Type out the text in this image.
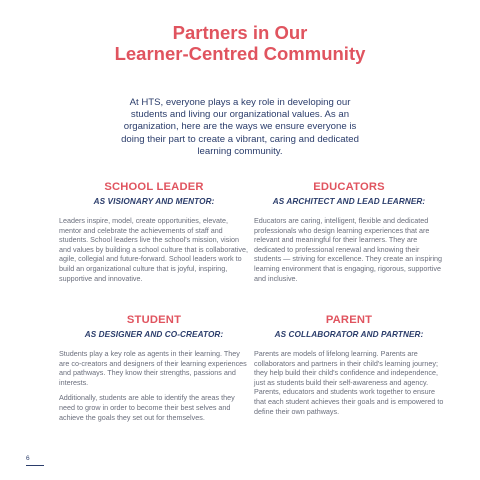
Partners in Our
Learner-Centred Community

At HTS, everyone plays a key role in developing our students and living our organizational values. As an organization, here are the ways we ensure everyone is doing their part to create a vibrant, caring and dedicated learning community.

SCHOOL LEADER
AS VISIONARY AND MENTOR:

Leaders inspire, model, create opportunities, elevate, mentor and celebrate the achievements of staff and students. School leaders live the school's mission, vision and values by building a school culture that is collaborative, agile, collegial and future-forward. School leaders work to build an organizational culture that is joyful, inspiring, supportive and innovative.

EDUCATORS
AS ARCHITECT AND LEAD LEARNER:

Educators are caring, intelligent, flexible and dedicated professionals who design learning experiences that are relevant and meaningful for their learners. They are dedicated to professional renewal and knowing their students — striving for excellence. They create an inspiring learning environment that is engaging, rigorous, supportive and inclusive.

STUDENT
AS DESIGNER AND CO-CREATOR:

Students play a key role as agents in their learning. They are co-creators and designers of their learning experiences and pathways. They know their strengths, passions and interests.

Additionally, students are able to identify the areas they need to grow in order to become their best selves and achieve the goals they set out for themselves.

PARENT
AS COLLABORATOR AND PARTNER:

Parents are models of lifelong learning. Parents are collaborators and partners in their child's learning journey; they help build their child's confidence and independence, just as students build their self-awareness and agency. Parents, educators and students work together to ensure that each student achieves their goals and is empowered to define their own pathways.

6
